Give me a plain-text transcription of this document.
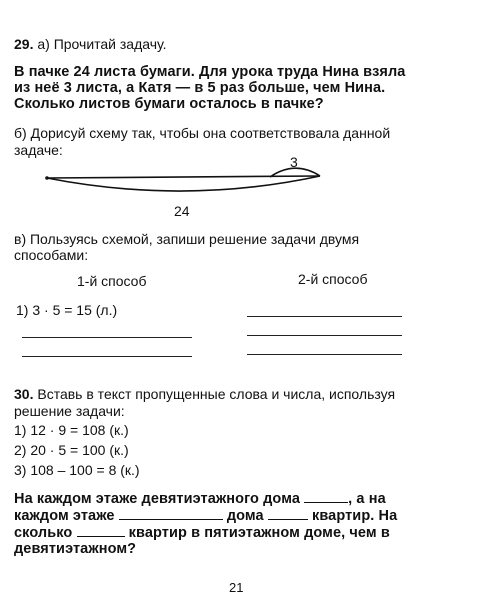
29. а) Прочитай задачу.
В пачке 24 листа бумаги. Для урока труда Нина взяла
из неё 3 листа, а Катя — в 5 раз больше, чем Нина.
Сколько листов бумаги осталось в пачке?
б) Дорисуй схему так, чтобы она соответствовала данной
задаче:
3
24
в) Пользуясь схемой, запиши решение задачи двумя
способами:
1-й способ	2-й способ
1) 3 · 5 = 15 (л.)
30. Вставь в текст пропущенные слова и числа, используя
решение задачи:
1) 12 · 9 = 108 (к.)
2) 20 · 5 = 100 (к.)
3) 108 – 100 = 8 (к.)
На каждом этаже девятиэтажного дома	, а на
каждом этаже	дома	квартир. На
сколько	квартир в пятиэтажном доме, чем в
девятиэтажном?
21
